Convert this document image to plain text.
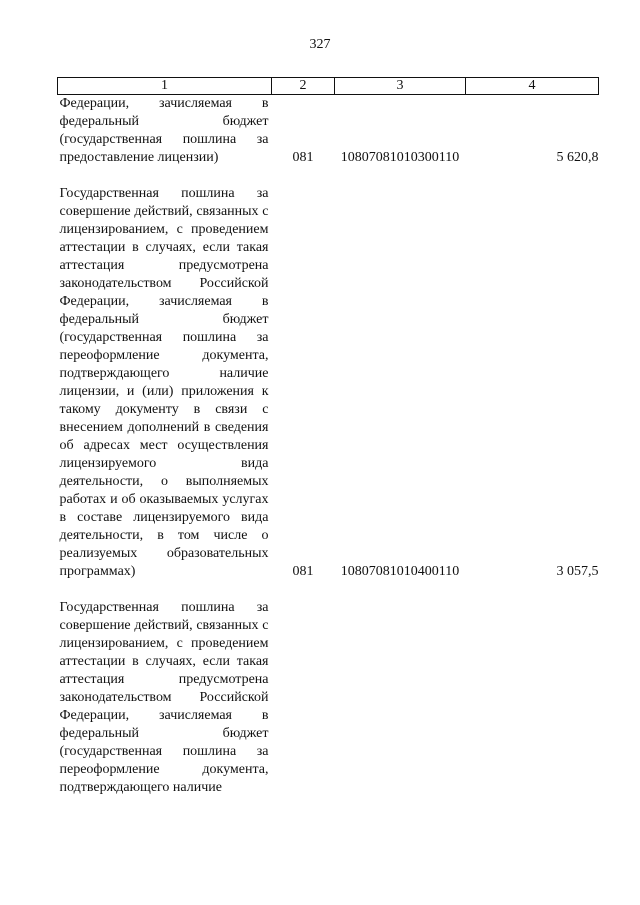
327
1	2	3	4
Федерации, зачисляемая в федеральный бюджет (государственная пошлина за предоставление лицензии)	081	10807081010300110	5 620,8

Государственная пошлина за совершение действий, связанных с лицензированием, с проведением аттестации в случаях, если такая аттестация предусмотрена законодательством Российской Федерации, зачисляемая в федеральный бюджет (государственная пошлина за переоформление документа, подтверждающего наличие лицензии, и (или) приложения к такому документу в связи с внесением дополнений в сведения об адресах мест осуществления лицензируемого вида деятельности, о выполняемых работах и об оказываемых услугах в составе лицензируемого вида деятельности, в том числе о реализуемых образовательных программах)	081	10807081010400110	3 057,5

Государственная пошлина за совершение действий, связанных с лицензированием, с проведением аттестации в случаях, если такая аттестация предусмотрена законодательством Российской Федерации, зачисляемая в федеральный бюджет (государственная пошлина за переоформление документа, подтверждающего наличие			
